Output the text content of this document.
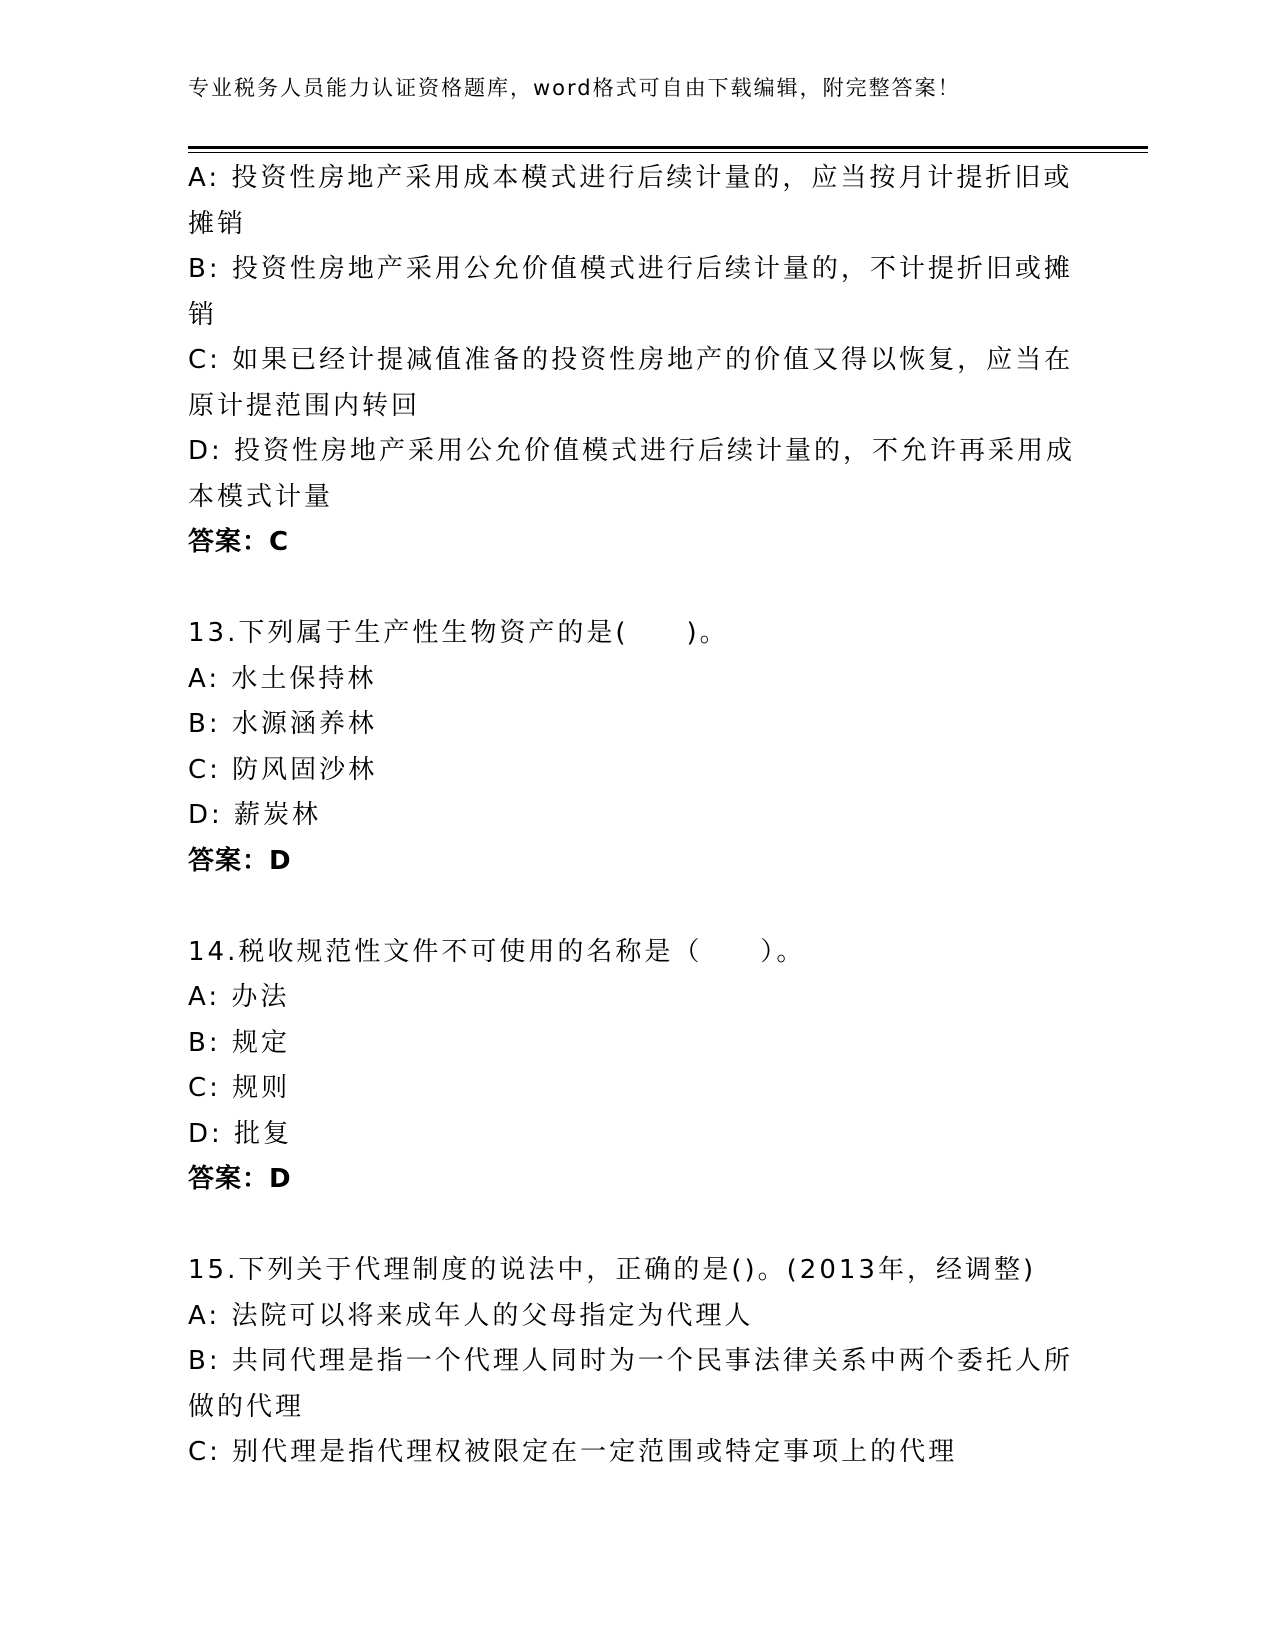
专业税务人员能力认证资格题库，word格式可自由下载编辑，附完整答案！
A: 投资性房地产采用成本模式进行后续计量的，应当按月计提折旧或
摊销
B: 投资性房地产采用公允价值模式进行后续计量的，不计提折旧或摊
销
C: 如果已经计提减值准备的投资性房地产的价值又得以恢复，应当在
原计提范围内转回
D: 投资性房地产采用公允价值模式进行后续计量的，不允许再采用成
本模式计量
答案：C
13.下列属于生产性生物资产的是(　　)。
A: 水土保持林
B: 水源涵养林
C: 防风固沙林
D: 薪炭林
答案：D
14.税收规范性文件不可使用的名称是（　　）。
A: 办法
B: 规定
C: 规则
D: 批复
答案：D
15.下列关于代理制度的说法中，正确的是()。(2013年，经调整)
A: 法院可以将来成年人的父母指定为代理人
B: 共同代理是指一个代理人同时为一个民事法律关系中两个委托人所
做的代理
C: 别代理是指代理权被限定在一定范围或特定事项上的代理
